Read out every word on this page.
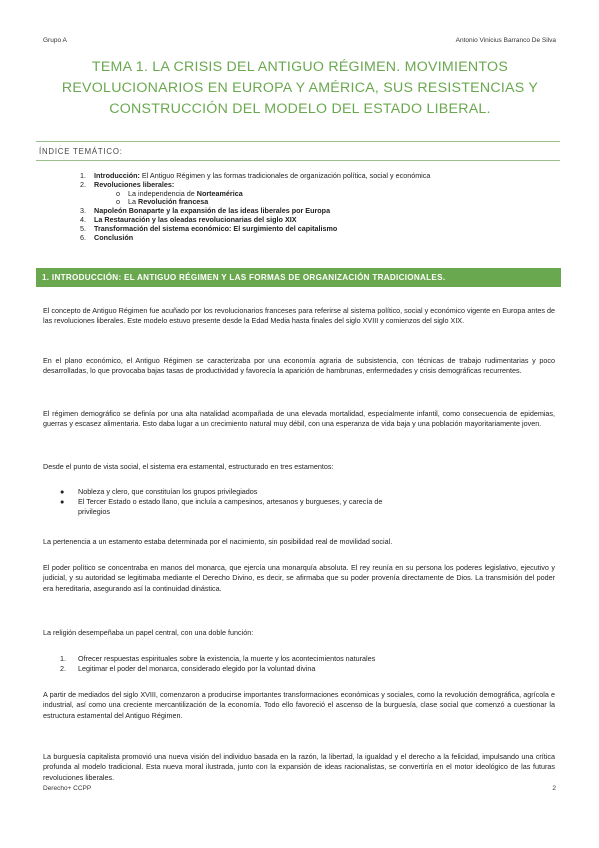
Grupo A	Antonio Vinicius Barranco De Silva
TEMA 1. LA CRISIS DEL ANTIGUO RÉGIMEN. MOVIMIENTOS
REVOLUCIONARIOS EN EUROPA Y AMÉRICA, SUS RESISTENCIAS Y
CONSTRUCCIÓN DEL MODELO DEL ESTADO LIBERAL.
ÍNDICE TEMÁTICO:
1. Introducción: El Antiguo Régimen y las formas tradicionales de organización política, social y económica
2. Revoluciones liberales:
o La independencia de Norteamérica
o La Revolución francesa
3. Napoleón Bonaparte y la expansión de las ideas liberales por Europa
4. La Restauración y las oleadas revolucionarias del siglo XIX
5. Transformación del sistema económico: El surgimiento del capitalismo
6. Conclusión
1. INTRODUCCIÓN: EL ANTIGUO RÉGIMEN Y LAS FORMAS DE ORGANIZACIÓN TRADICIONALES.
El concepto de Antiguo Régimen fue acuñado por los revolucionarios franceses para referirse al sistema político, social y económico vigente en Europa antes de las revoluciones liberales. Este modelo estuvo presente desde la Edad Media hasta finales del siglo XVIII y comienzos del siglo XIX.
En el plano económico, el Antiguo Régimen se caracterizaba por una economía agraria de subsistencia, con técnicas de trabajo rudimentarias y poco desarrolladas, lo que provocaba bajas tasas de productividad y favorecía la aparición de hambrunas, enfermedades y crisis demográficas recurrentes.
El régimen demográfico se definía por una alta natalidad acompañada de una elevada mortalidad, especialmente infantil, como consecuencia de epidemias, guerras y escasez alimentaria. Esto daba lugar a un crecimiento natural muy débil, con una esperanza de vida baja y una población mayoritariamente joven.
Desde el punto de vista social, el sistema era estamental, estructurado en tres estamentos:
● Nobleza y clero, que constituían los grupos privilegiados
● El Tercer Estado o estado llano, que incluía a campesinos, artesanos y burgueses, y carecía de
privilegios
La pertenencia a un estamento estaba determinada por el nacimiento, sin posibilidad real de movilidad social.
El poder político se concentraba en manos del monarca, que ejercía una monarquía absoluta. El rey reunía en su persona los poderes legislativo, ejecutivo y judicial, y su autoridad se legitimaba mediante el Derecho Divino, es decir, se afirmaba que su poder provenía directamente de Dios. La transmisión del poder era hereditaria, asegurando así la continuidad dinástica.
La religión desempeñaba un papel central, con una doble función:
1. Ofrecer respuestas espirituales sobre la existencia, la muerte y los acontecimientos naturales
2. Legitimar el poder del monarca, considerado elegido por la voluntad divina
A partir de mediados del siglo XVIII, comenzaron a producirse importantes transformaciones económicas y sociales, como la revolución demográfica, agrícola e industrial, así como una creciente mercantilización de la economía. Todo ello favoreció el ascenso de la burguesía, clase social que comenzó a cuestionar la estructura estamental del Antiguo Régimen.
La burguesía capitalista promovió una nueva visión del individuo basada en la razón, la libertad, la igualdad y el derecho a la felicidad, impulsando una crítica profunda al modelo tradicional. Esta nueva moral ilustrada, junto con la expansión de ideas racionalistas, se convertiría en el motor ideológico de las futuras revoluciones liberales.
Derecho+ CCPP	2
